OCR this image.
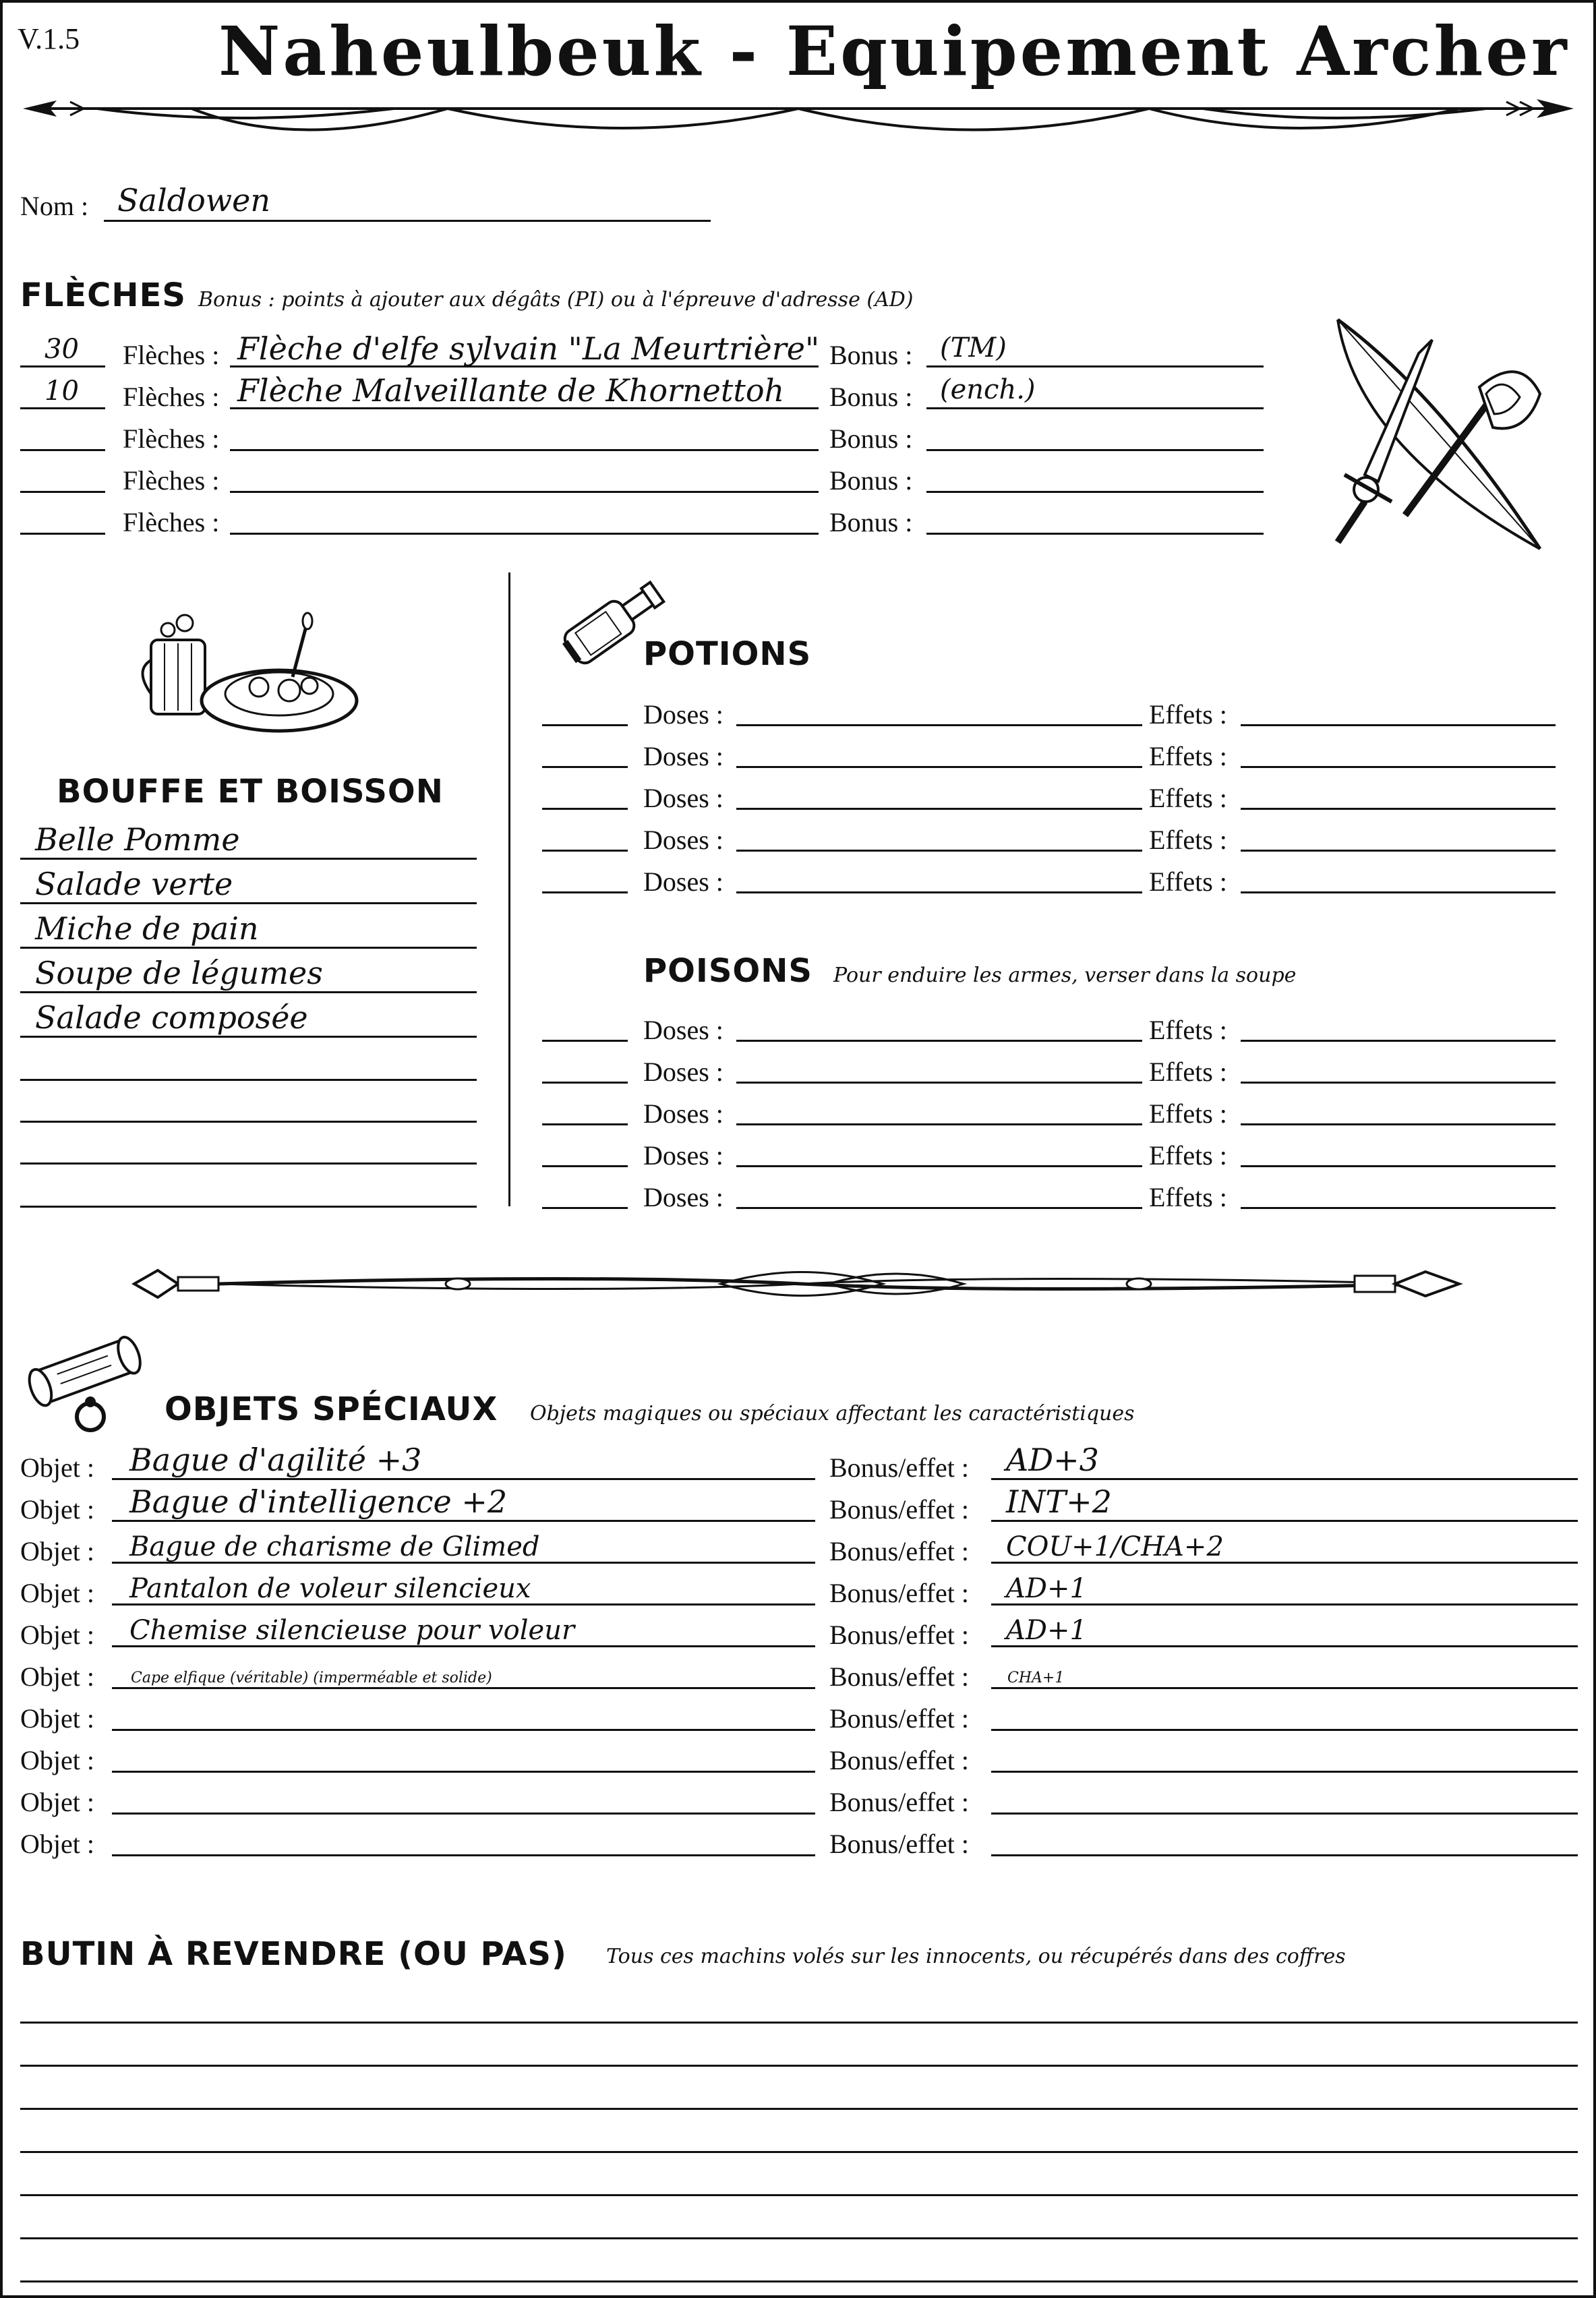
V.1.5 Naheulbeuk - Equipement Archer
Nom : Saldowen
FLÈCHES Bonus : points à ajouter aux dégâts (PI) ou à l'épreuve d'adresse (AD)
30 Flèches : Flèche d'elfe sylvain "La Meurtrière" Bonus : (TM)
10 Flèches : Flèche Malveillante de Khornettoh Bonus : (ench.)
Flèches :	Bonus :
Flèches :	Bonus :
Flèches :	Bonus :
BOUFFE ET BOISSON
Belle Pomme
Salade verte
Miche de pain
Soupe de légumes
Salade composée
POTIONS
Doses :	Effets :
Doses :	Effets :
Doses :	Effets :
Doses :	Effets :
Doses :	Effets :
POISONS Pour enduire les armes, verser dans la soupe
Doses :	Effets :
Doses :	Effets :
Doses :	Effets :
Doses :	Effets :
Doses :	Effets :
OBJETS SPÉCIAUX Objets magiques ou spéciaux affectant les caractéristiques
Objet : Bague d'agilité +3	Bonus/effet : AD+3
Objet : Bague d'intelligence +2	Bonus/effet : INT+2
Objet : Bague de charisme de Glimed	Bonus/effet : COU+1/CHA+2
Objet : Pantalon de voleur silencieux	Bonus/effet : AD+1
Objet : Chemise silencieuse pour voleur	Bonus/effet : AD+1
Objet : Cape elfique (véritable) (imperméable et solide)	Bonus/effet :	CHA+1
Objet :	Bonus/effet :
Objet :	Bonus/effet :
Objet :	Bonus/effet :
Objet :	Bonus/effet :
BUTIN À REVENDRE (OU PAS) Tous ces machins volés sur les innocents, ou récupérés dans des coffres
